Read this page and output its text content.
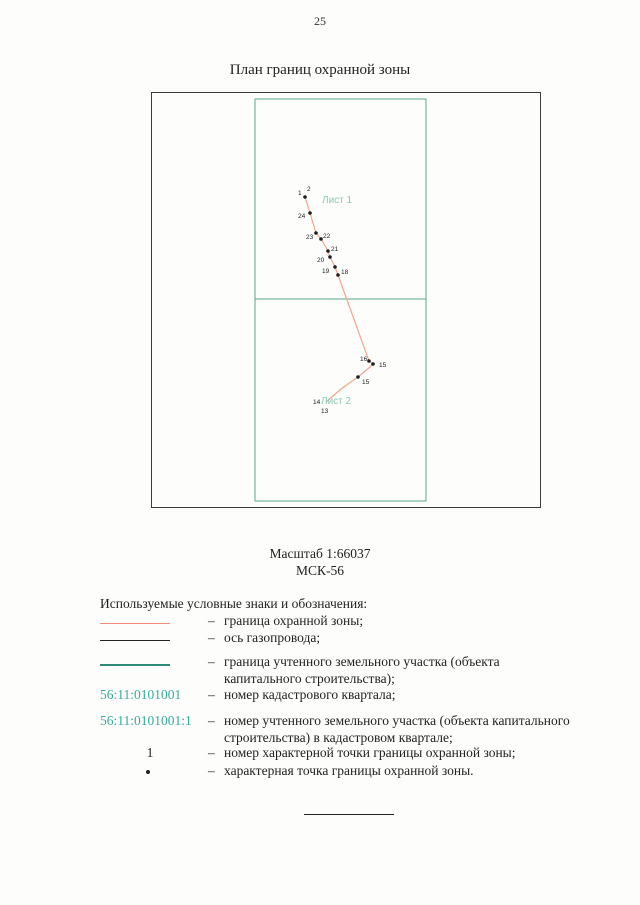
25
План границ охранной зоны
1
2
24
23 22
21
20
19 18
16
15
15
14
13
Лист 1
Лист 2
Масштаб 1:66037
МСК-56
Используемые условные знаки и обозначения:
– граница охранной зоны;
– ось газопровода;
– граница учтенного земельного участка (объекта капитального строительства);
56:11:0101001	– номер кадастрового квартала;
56:11:0101001:1	– номер учтенного земельного участка (объекта капитального строительства) в кадастровом квартале;
1	– номер характерной точки границы охранной зоны;
– характерная точка границы охранной зоны.
